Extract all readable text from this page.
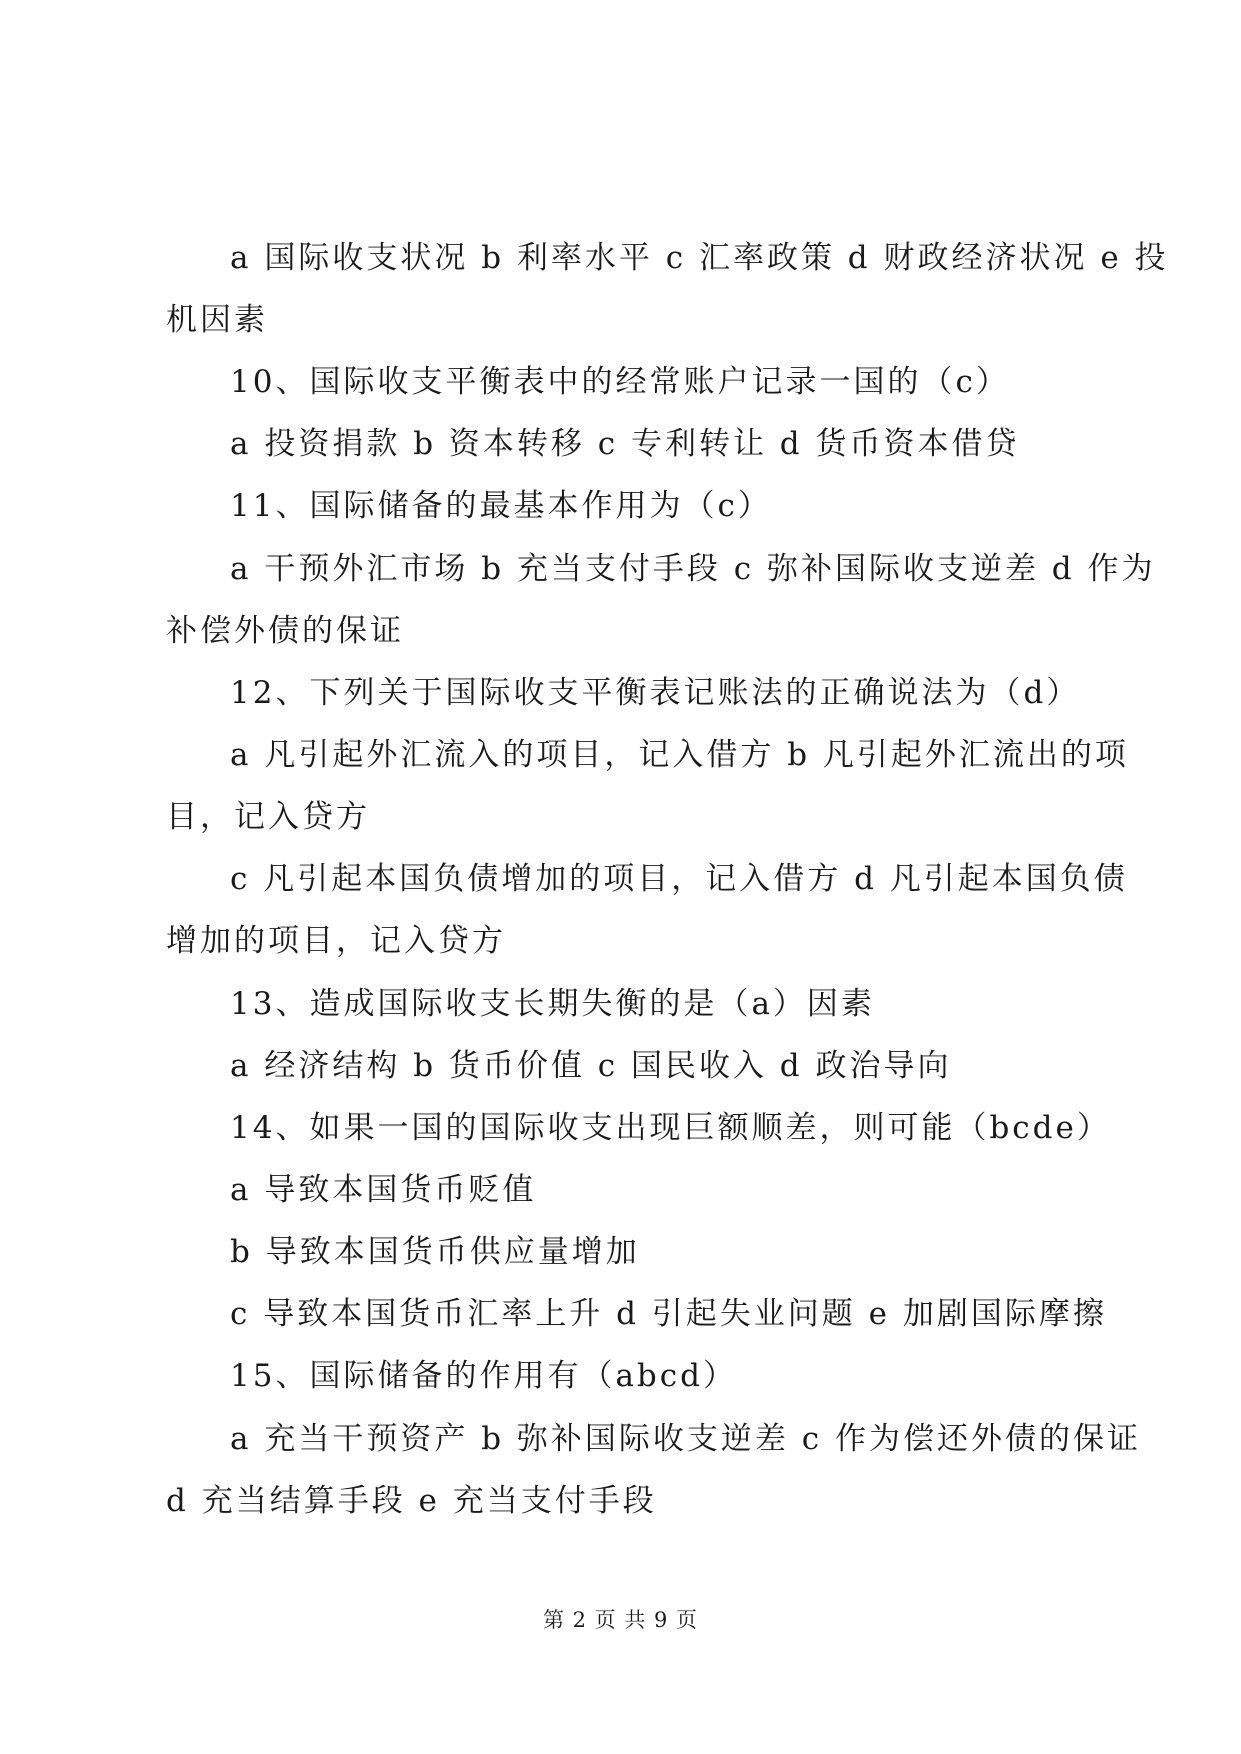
a 国际收支状况 b 利率水平 c 汇率政策 d 财政经济状况 e 投
机因素
10、国际收支平衡表中的经常账户记录一国的（c）
a 投资捐款 b 资本转移 c 专利转让 d 货币资本借贷
11、国际储备的最基本作用为（c）
a 干预外汇市场 b 充当支付手段 c 弥补国际收支逆差 d 作为
补偿外债的保证
12、下列关于国际收支平衡表记账法的正确说法为（d）
a 凡引起外汇流入的项目，记入借方 b 凡引起外汇流出的项
目，记入贷方
c 凡引起本国负债增加的项目，记入借方 d 凡引起本国负债
增加的项目，记入贷方
13、造成国际收支长期失衡的是（a）因素
a 经济结构 b 货币价值 c 国民收入 d 政治导向
14、如果一国的国际收支出现巨额顺差，则可能（bcde）
a 导致本国货币贬值
b 导致本国货币供应量增加
c 导致本国货币汇率上升 d 引起失业问题 e 加剧国际摩擦
15、国际储备的作用有（abcd）
a 充当干预资产 b 弥补国际收支逆差 c 作为偿还外债的保证
d 充当结算手段 e 充当支付手段
第 2 页 共 9 页
